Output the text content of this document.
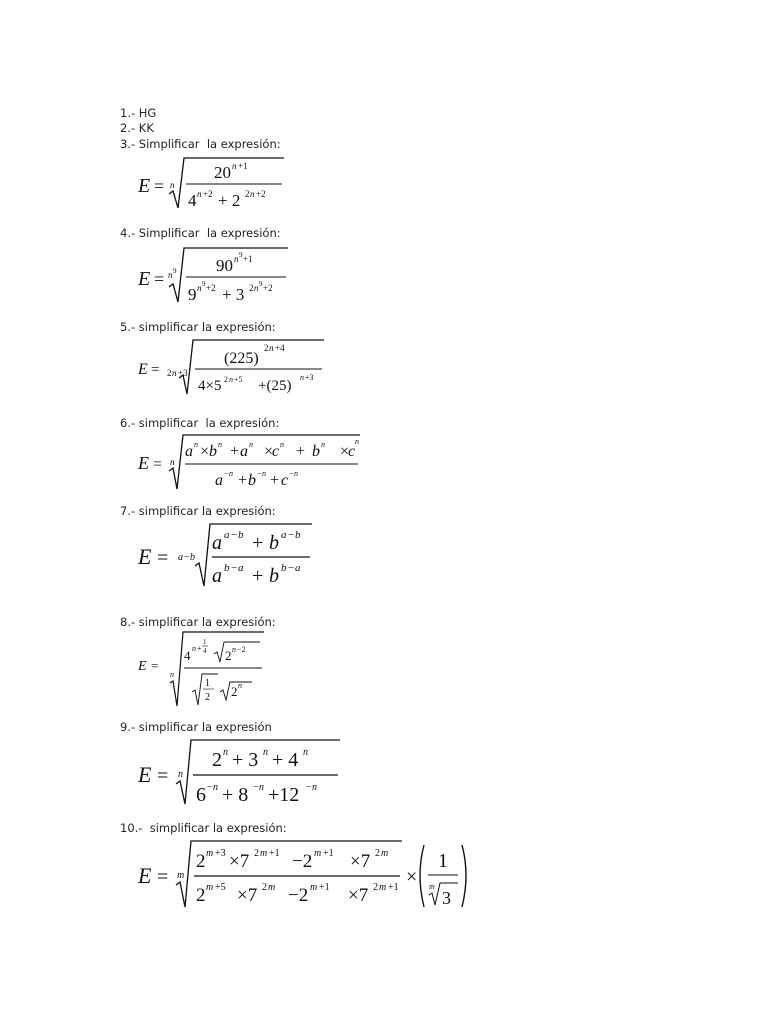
1.- HG
2.- KK
3.- Simplificar  la expresión:
E = n
20 n +1
4 n +2 + 2 2 n +2
4.- Simplificar  la expresión:
E = n 9 90 n 9 +1
9 n 9 +2 + 3 2 n 9 +2
5.- simplificar la expresión:
E = 2 n +3
(225)
2 n +4
4×5 2 n +5 +(25)
n +3
6.- simplificar  la expresión:
E = n
a n × b n + a n ×
c n + b n ×
c
n
a − n + b − n + c − n
7.- simplificar la expresión:
E = a − b
a a − b + b a − b
a b − a + b b − a
8.- simplificar la expresión:
E =
n
4 n +
1
4 2 n −2
1
2 2 n
9.- simplificar la expresión
E = n
2 n + 3 n + 4 n
6 − n + 8 − n +12 − n
10.-  simplificar la expresión:
E = m
2 m +3 ×7 2 m +1 −2 m +1 ×7 2 m
2 m +5 ×7 2 m −2 m +1 ×7 2 m +1 ×
1
m
3
